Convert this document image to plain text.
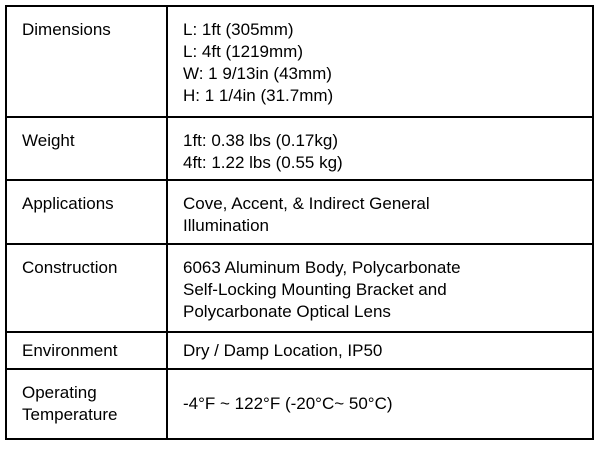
Dimensions	L: 1ft (305mm)
L: 4ft (1219mm)
W: 1 9/13in (43mm)
H: 1 1/4in (31.7mm)

Weight	1ft: 0.38 lbs (0.17kg)
4ft: 1.22 lbs (0.55 kg)

Applications	Cove, Accent, & Indirect General
Illumination

Construction	6063 Aluminum Body, Polycarbonate
Self-Locking Mounting Bracket and
Polycarbonate Optical Lens

Environment	Dry / Damp Location, IP50

Operating
Temperature	-4°F ~ 122°F (-20°C~ 50°C)
